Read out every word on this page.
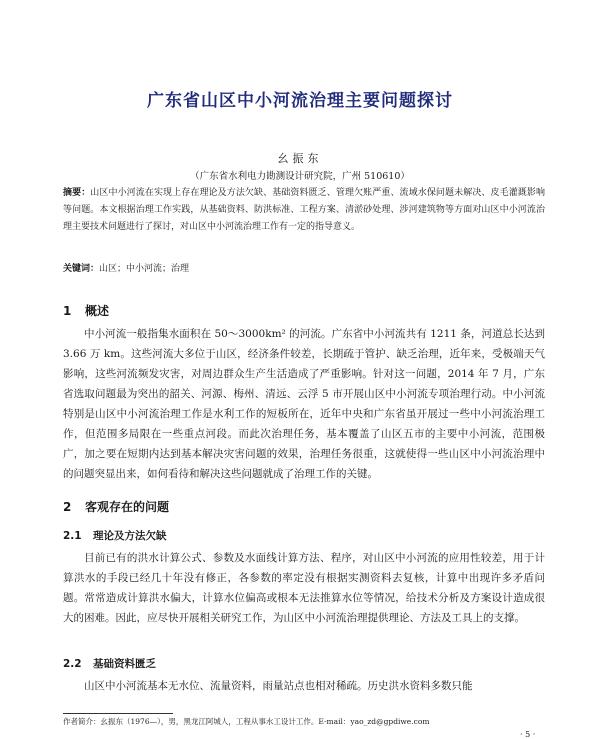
广东省山区中小河流治理主要问题探讨
幺振东
（广东省水利电力勘测设计研究院，广州 510610）
摘要：山区中小河流在实现上存在理论及方法欠缺、基础资料匮乏、管理欠账严重、流域水保问题未解决、皮毛灌溉影响等问题。本文根据治理工作实践，从基础资料、防洪标准、工程方案、清淤砂处理、涉河建筑物等方面对山区中小河流治理主要技术问题进行了探讨，对山区中小河流治理工作有一定的指导意义。
关键词：山区；中小河流；治理
1 概述
中小河流一般指集水面积在 50～3000km² 的河流。广东省中小河流共有 1211 条，河道总长达到 3.66 万 km。这些河流大多位于山区，经济条件较差，长期疏于管护、缺乏治理，近年来，受极端天气影响，这些河流频发灾害，对周边群众生产生活造成了严重影响。针对这一问题，2014 年 7 月，广东省选取问题最为突出的韶关、河源、梅州、清远、云浮 5 市开展山区中小河流专项治理行动。中小河流特别是山区中小河流治理工作是水利工作的短板所在，近年中央和广东省虽开展过一些中小河流治理工作，但范围多局限在一些重点河段。而此次治理任务，基本覆盖了山区五市的主要中小河流，范围极广，加之要在短期内达到基本解决灾害问题的效果，治理任务很重，这就使得一些山区中小河流治理中的问题突显出来，如何看待和解决这些问题就成了治理工作的关键。
2 客观存在的问题
2.1 理论及方法欠缺
目前已有的洪水计算公式、参数及水面线计算方法、程序，对山区中小河流的应用性较差，用于计算洪水的手段已经几十年没有修正，各参数的率定没有根据实测资料去复核，计算中出现许多矛盾问题。常常造成计算洪水偏大，计算水位偏高或根本无法推算水位等情况，给技术分析及方案设计造成很大的困难。因此，应尽快开展相关研究工作，为山区中小河流治理提供理论、方法及工具上的支撑。
2.2 基础资料匮乏
山区中小河流基本无水位、流量资料，雨量站点也相对稀疏。历史洪水资料多数只能
作者简介：幺振东（1976—），男，黑龙江阿城人，工程从事水工设计工作。E-mail：yao_zd@gpdiwe.com
· 5 ·
